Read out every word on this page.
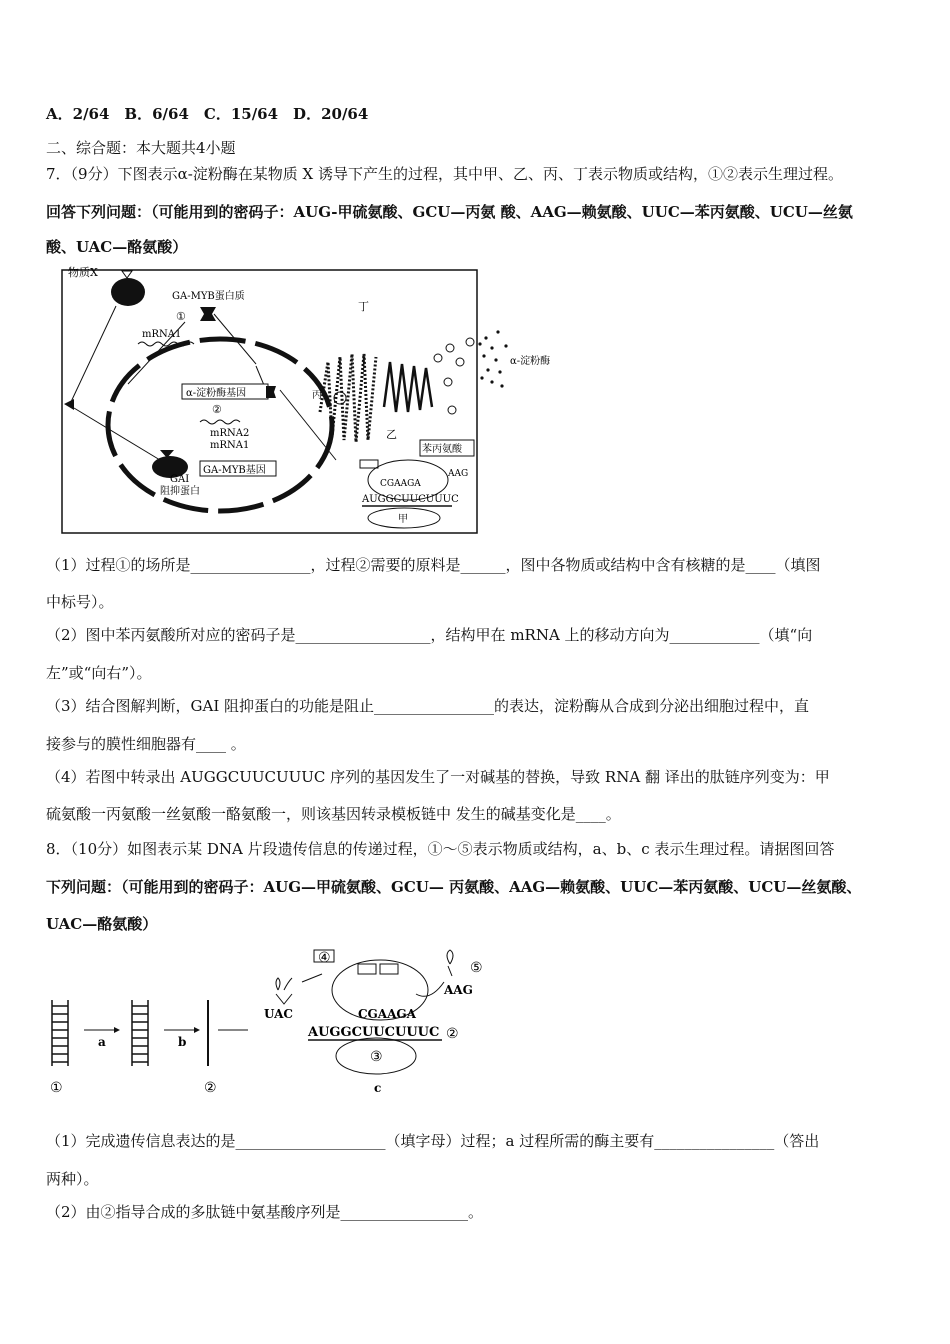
A．2/64　B．6/64　C．15/64　D．20/64
二、综合题：本大题共4小题
7．（9分）下图表示α-淀粉酶在某物质 X 诱导下产生的过程，其中甲、乙、丙、丁表示物质或结构，①②表示生理过程。
回答下列问题：（可能用到的密码子：AUG-甲硫氨酸、GCU—丙氨 酸、AAG—赖氨酸、UUC—苯丙氨酸、UCU—丝氨
酸、UAC—酪氨酸）
物质X
GA-MYB蛋白质
①
mRNA1
α-淀粉酶基因
②
mRNA2
mRNA1
GAI
阻抑蛋白
GA-MYB基因
丁
丙
乙
α-淀粉酶
苯丙氨酸
AAG
CGAAGA
AUGGCUUCUUUC
甲
（1）过程①的场所是________________，过程②需要的原料是______，图中各物质或结构中含有核糖的是____（填图
中标号）。
（2）图中苯丙氨酸所对应的密码子是__________________，结构甲在 mRNA 上的移动方向为____________（填“向
左”或“向右”）。
（3）结合图解判断，GAI 阻抑蛋白的功能是阻止________________的表达，淀粉酶从合成到分泌出细胞过程中，直
接参与的膜性细胞器有____ 。
（4）若图中转录出 AUGGCUUCUUUC 序列的基因发生了一对碱基的替换，导致 RNA 翻 译出的肽链序列变为：甲
硫氨酸一丙氨酸一丝氨酸一酪氨酸一，则该基因转录模板链中 发生的碱基变化是____。
8．（10分）如图表示某 DNA 片段遗传信息的传递过程，①～⑤表示物质或结构，a、b、c 表示生理过程。请据图回答
下列问题：（可能用到的密码子：AUG—甲硫氨酸、GCU— 丙氨酸、AAG—赖氨酸、UUC—苯丙氨酸、UCU—丝氨酸、
UAC—酪氨酸）
①
a	b
②
④
UAC	CGAAGA
AUGGCUUCUUUC ②
③
⑤
AAG
c
（1）完成遗传信息表达的是____________________（填字母）过程；a 过程所需的酶主要有________________（答出
两种）。
（2）由②指导合成的多肽链中氨基酸序列是_________________。
